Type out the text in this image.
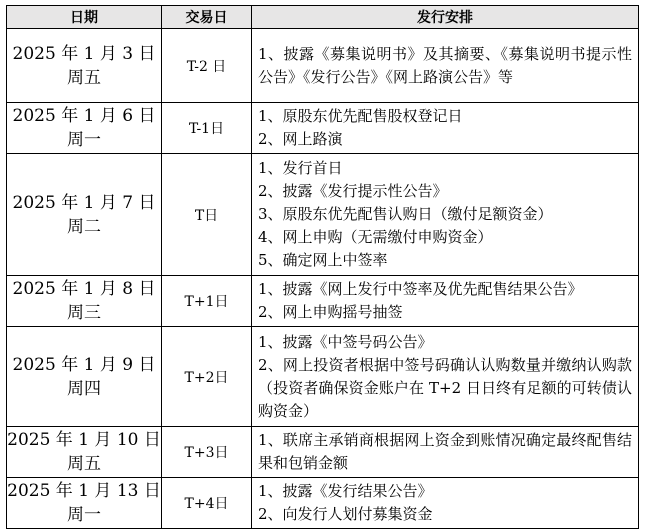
日期	交易日	发行安排

2025 年 1 月 3 日
周五	T-2 日	1、披露《募集说明书》及其摘要、《募集说明书提示性公告》《发行公告》《网上路演公告》等

2025 年 1 月 6 日
周一	T-1日	1、原股东优先配售股权登记日
2、网上路演

2025 年 1 月 7 日
周二	T日	1、发行首日
2、披露《发行提示性公告》
3、原股东优先配售认购日（缴付足额资金）
4、网上申购（无需缴付申购资金）
5、确定网上中签率

2025 年 1 月 8 日
周三	T+1日	1、披露《网上发行中签率及优先配售结果公告》
2、网上申购摇号抽签

2025 年 1 月 9 日
周四	T+2日	1、披露《中签号码公告》
2、网上投资者根据中签号码确认认购数量并缴纳认购款（投资者确保资金账户在 T+2 日日终有足额的可转债认购资金）

2025 年 1 月 10 日
周五	T+3日	1、联席主承销商根据网上资金到账情况确定最终配售结果和包销金额

2025 年 1 月 13 日
周一	T+4日	1、披露《发行结果公告》
2、向发行人划付募集资金
